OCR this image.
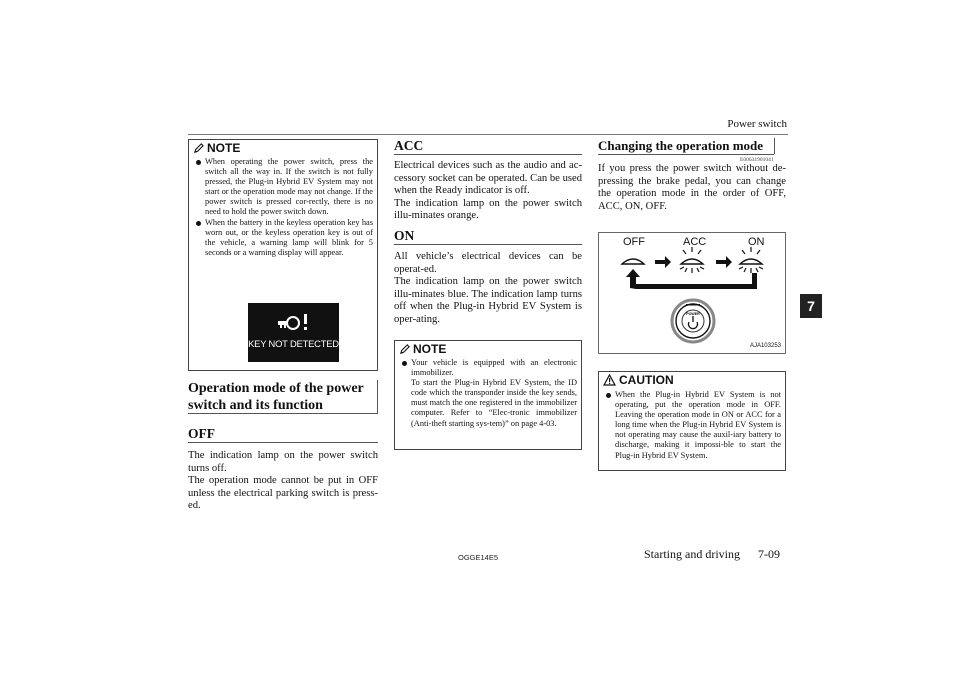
Power switch
7
NOTE
When operating the power switch, press the switch all the way in. If the switch is not fully pressed, the Plug-in Hybrid EV System may not start or the operation mode may not change. If the power switch is pressed cor-rectly, there is no need to hold the power switch down.
When the battery in the keyless operation key has worn out, or the keyless operation key is out of the vehicle, a warning lamp will blink for 5 seconds or a warning display will appear.
KEY NOT DETECTED
Operation mode of the power
switch and its function
OFF

The indication lamp on the power switch turns off.

The operation mode cannot be put in OFF unless the electrical parking switch is press-ed.

ACC

Electrical devices such as the audio and ac-cessory socket can be operated. Can be used when the Ready indicator is off.

The indication lamp on the power switch illu-minates orange.

ON

All vehicle’s electrical devices can be operat-ed.

The indication lamp on the power switch illu-minates blue. The indication lamp turns off when the Plug-in Hybrid EV System is oper-ating.

NOTE
Your vehicle is equipped with an electronic immobilizer.
To start the Plug-in Hybrid EV System, the ID code which the transponder inside the key sends, must match the one registered in the immobilizer computer. Refer to “Elec-tronic immobilizer (Anti-theft starting sys-tem)” on page 4-03.
Changing the operation mode
E00631901041

If you press the power switch without de-pressing the brake pedal, you can change the operation mode in the order of OFF, ACC, ON, OFF.

OFF	ACC	ON
POWER
AJA103253
CAUTION
When the Plug-in Hybrid EV System is not operating, put the operation mode in OFF. Leaving the operation mode in ON or ACC for a long time when the Plug-in Hybrid EV System is not operating may cause the auxil-iary battery to discharge, making it impossi-ble to start the Plug-in Hybrid EV System.
OGGE14E5	Starting and driving 7-09
